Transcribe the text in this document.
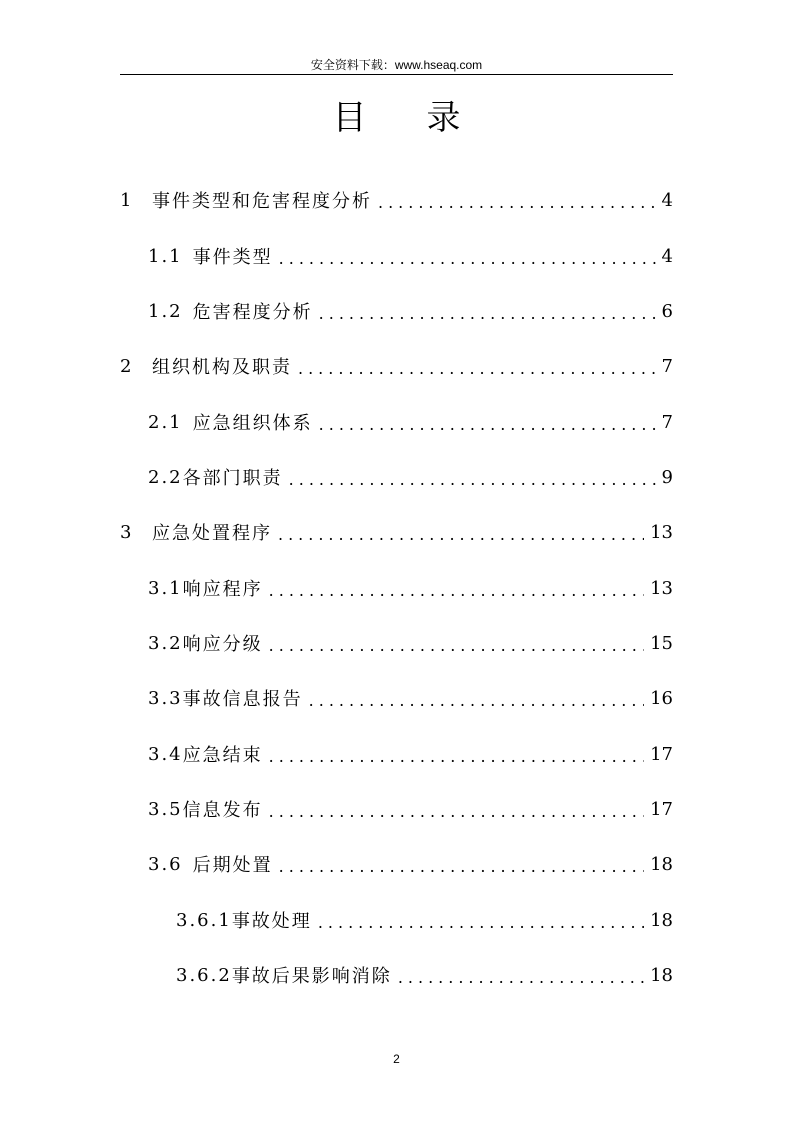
安全资料下载：www.hseaq.com
目录
1	事件类型和危害程度分析 .....	4
1.1 事件类型 .....	4
1.2 危害程度分析 .....	6
2	组织机构及职责 .....	7
2.1 应急组织体系 .....	7
2.2 各部门职责 .....	9
3	应急处置程序 .....	13
3.1 响应程序 .....	13
3.2 响应分级 .....	15
3.3 事故信息报告 .....	16
3.4 应急结束 .....	17
3.5 信息发布 .....	17
3.6 后期处置 .....	18
3.6.1 事故处理 .....	18
3.6.2 事故后果影响消除 .....	18
2
